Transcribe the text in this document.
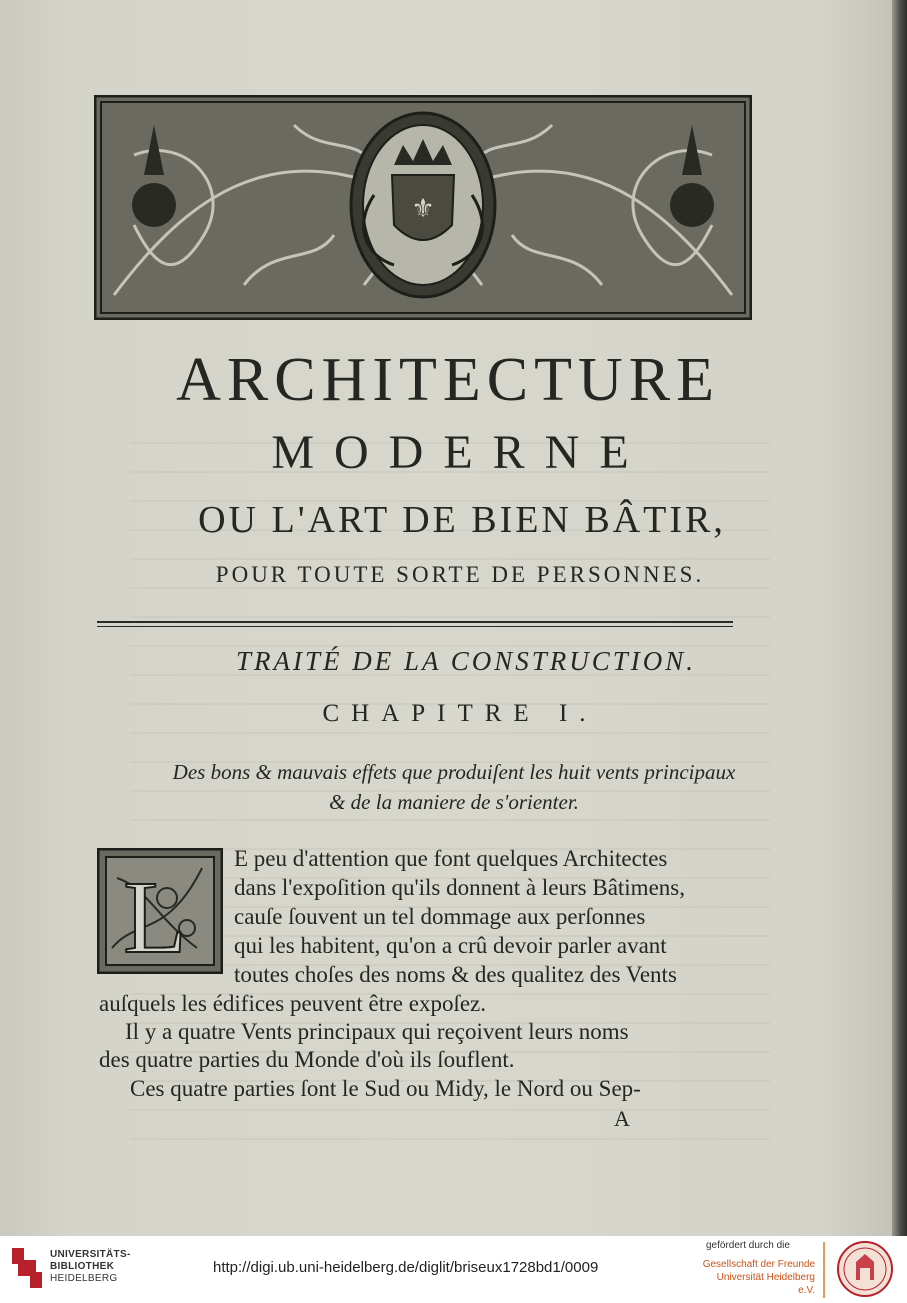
⚜
ARCHITECTURE
MODERNE
OU L'ART DE BIEN BÂTIR,
POUR TOUTE SORTE DE PERSONNES.
TRAITÉ DE LA CONSTRUCTION.
CHAPITRE I.
Des bons & mauvais effets que produiſent les huit vents principaux
& de la maniere de s'orienter.
L

E peu d'attention que font quelques Architectes

dans l'expoſition qu'ils donnent à leurs Bâtimens,

cauſe ſouvent un tel dommage aux perſonnes

qui les habitent, qu'on a crû devoir parler avant

toutes choſes des noms & des qualitez des Vents

auſquels les édifices peuvent être expoſez.

Il y a quatre Vents principaux qui reçoivent leurs noms

des quatre parties du Monde d'où ils ſouflent.

Ces quatre parties ſont le Sud ou Midy, le Nord ou Sep-

A
UNIVERSITÄTS-
BIBLIOTHEK
HEIDELBERG
http://digi.ub.uni-heidelberg.de/diglit/briseux1728bd1/0009
gefördert durch die
Gesellschaft der Freunde
Universität Heidelberg e.V.
